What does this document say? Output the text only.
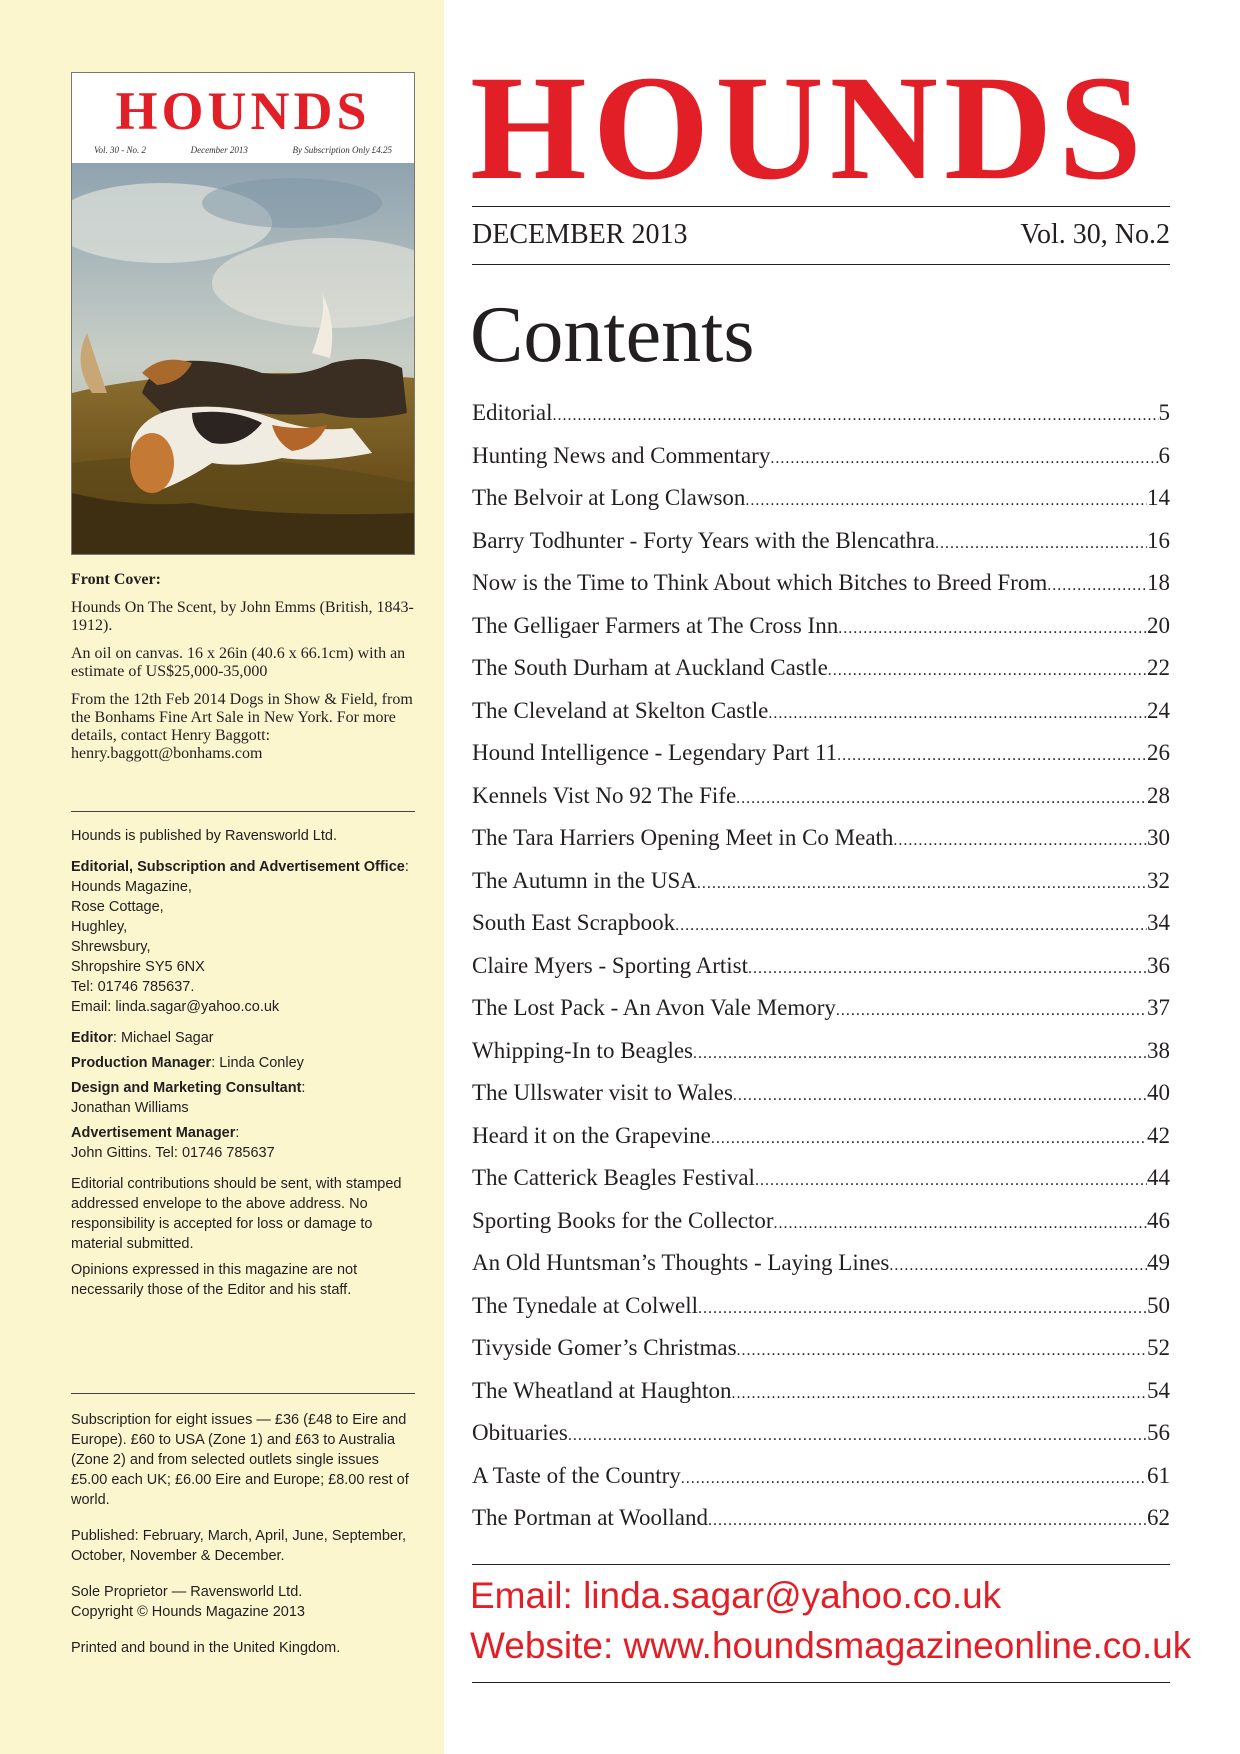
HOUNDS
Vol. 30 - No. 2	December 2013	By Subscription Only £4.25

Front Cover:

Hounds On The Scent, by John Emms (British, 1843-1912).

An oil on canvas. 16 x 26in (40.6 x 66.1cm) with an estimate of US$25,000-35,000

From the 12th Feb 2014 Dogs in Show & Field, from the Bonhams Fine Art Sale in New York. For more details, contact Henry Baggott: henry.baggott@bonhams.com

Hounds is published by Ravensworld Ltd.

Editorial, Subscription and Advertisement Office:

Hounds Magazine,

Rose Cottage,

Hughley,

Shrewsbury,

Shropshire SY5 6NX

Tel: 01746 785637.

Email: linda.sagar@yahoo.co.uk

Editor: Michael Sagar

Production Manager: Linda Conley

Design and Marketing Consultant:

Jonathan Williams

Advertisement Manager:

John Gittins. Tel: 01746 785637

Editorial contributions should be sent, with stamped addressed envelope to the above address. No responsibility is accepted for loss or damage to material submitted.

Opinions expressed in this magazine are not necessarily those of the Editor and his staff.

Subscription for eight issues — £36 (£48 to Eire and Europe). £60 to USA (Zone 1) and £63 to Australia (Zone 2) and from selected outlets single issues £5.00 each UK; £6.00 Eire and Europe; £8.00 rest of world.

Published: February, March, April, June, September, October, November & December.

Sole Proprietor — Ravensworld Ltd.

Copyright © Hounds Magazine 2013

Printed and bound in the United Kingdom.

HOUNDS
DECEMBER 2013	Vol. 30, No.2
Contents
Editorial .....	5
Hunting News and Commentary .....	6
The Belvoir at Long Clawson .....	14
Barry Todhunter - Forty Years with the Blencathra .....	16
Now is the Time to Think About which Bitches to Breed From .....	18
The Gelligaer Farmers at The Cross Inn .....	20
The South Durham at Auckland Castle .....	22
The Cleveland at Skelton Castle .....	24
Hound Intelligence - Legendary Part 11 .....	26
Kennels Vist No 92 The Fife .....	28
The Tara Harriers Opening Meet in Co Meath .....	30
The Autumn in the USA .....	32
South East Scrapbook .....	34
Claire Myers - Sporting Artist .....	36
The Lost Pack - An Avon Vale Memory .....	37
Whipping-In to Beagles .....	38
The Ullswater visit to Wales .....	40
Heard it on the Grapevine .....	42
The Catterick Beagles Festival .....	44
Sporting Books for the Collector .....	46
An Old Huntsman’s Thoughts - Laying Lines .....	49
The Tynedale at Colwell .....	50
Tivyside Gomer’s Christmas .....	52
The Wheatland at Haughton .....	54
Obituaries .....	56
A Taste of the Country .....	61
The Portman at Woolland .....	62
Email: linda.sagar@yahoo.co.uk
Website: www.houndsmagazineonline.co.uk
